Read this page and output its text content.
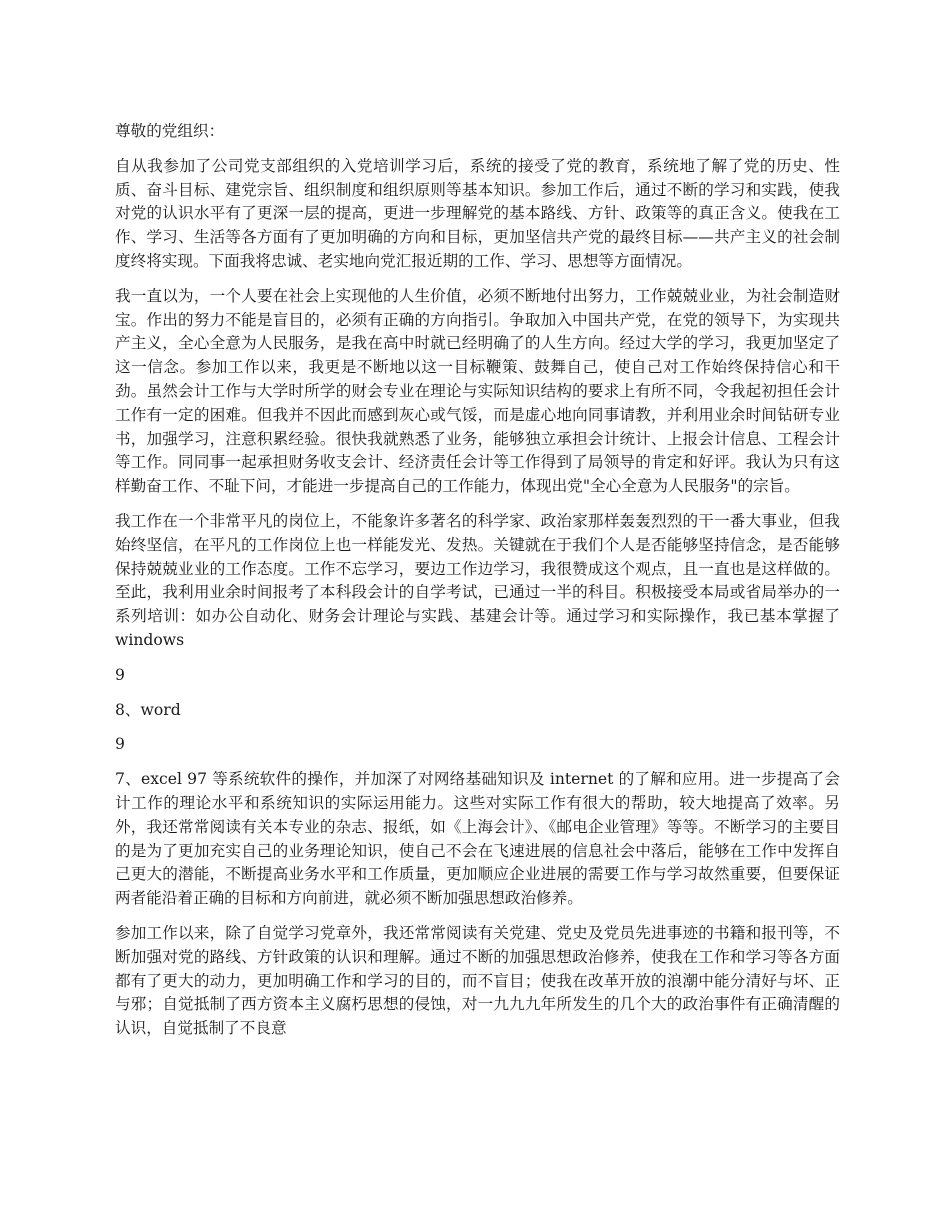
尊敬的党组织：

自从我参加了公司党支部组织的入党培训学习后，系统的接受了党的教育，系统地了解了党的历史、性质、奋斗目标、建党宗旨、组织制度和组织原则等基本知识。参加工作后，通过不断的学习和实践，使我对党的认识水平有了更深一层的提高，更进一步理解党的基本路线、方针、政策等的真正含义。使我在工作、学习、生活等各方面有了更加明确的方向和目标，更加坚信共产党的最终目标——共产主义的社会制度终将实现。下面我将忠诚、老实地向党汇报近期的工作、学习、思想等方面情况。

我一直以为，一个人要在社会上实现他的人生价值，必须不断地付出努力，工作兢兢业业，为社会制造财宝。作出的努力不能是盲目的，必须有正确的方向指引。争取加入中国共产党，在党的领导下，为实现共产主义，全心全意为人民服务，是我在高中时就已经明确了的人生方向。经过大学的学习，我更加坚定了这一信念。参加工作以来，我更是不断地以这一目标鞭策、鼓舞自己，使自己对工作始终保持信心和干劲。虽然会计工作与大学时所学的财会专业在理论与实际知识结构的要求上有所不同，令我起初担任会计工作有一定的困难。但我并不因此而感到灰心或气馁，而是虚心地向同事请教，并利用业余时间钻研专业书，加强学习，注意积累经验。很快我就熟悉了业务，能够独立承担会计统计、上报会计信息、工程会计等工作。同同事一起承担财务收支会计、经济责任会计等工作得到了局领导的肯定和好评。我认为只有这样勤奋工作、不耻下问，才能进一步提高自己的工作能力，体现出党"全心全意为人民服务"的宗旨。

我工作在一个非常平凡的岗位上，不能象许多著名的科学家、政治家那样轰轰烈烈的干一番大事业，但我始终坚信，在平凡的工作岗位上也一样能发光、发热。关键就在于我们个人是否能够坚持信念，是否能够保持兢兢业业的工作态度。工作不忘学习，要边工作边学习，我很赞成这个观点，且一直也是这样做的。至此，我利用业余时间报考了本科段会计的自学考试，已通过一半的科目。积极接受本局或省局举办的一系列培训：如办公自动化、财务会计理论与实践、基建会计等。通过学习和实际操作，我已基本掌握了windows

9

8、word

9

7、excel 97 等系统软件的操作，并加深了对网络基础知识及 internet 的了解和应用。进一步提高了会计工作的理论水平和系统知识的实际运用能力。这些对实际工作有很大的帮助，较大地提高了效率。另外，我还常常阅读有关本专业的杂志、报纸，如《上海会计》、《邮电企业管理》等等。不断学习的主要目的是为了更加充实自己的业务理论知识，使自己不会在飞速进展的信息社会中落后，能够在工作中发挥自己更大的潜能，不断提高业务水平和工作质量，更加顺应企业进展的需要工作与学习故然重要，但要保证两者能沿着正确的目标和方向前进，就必须不断加强思想政治修养。

参加工作以来，除了自觉学习党章外，我还常常阅读有关党建、党史及党员先进事迹的书籍和报刊等，不断加强对党的路线、方针政策的认识和理解。通过不断的加强思想政治修养，使我在工作和学习等各方面都有了更大的动力，更加明确工作和学习的目的，而不盲目；使我在改革开放的浪潮中能分清好与坏、正与邪；自觉抵制了西方资本主义腐朽思想的侵蚀，对一九九九年所发生的几个大的政治事件有正确清醒的认识，自觉抵制了不良意
